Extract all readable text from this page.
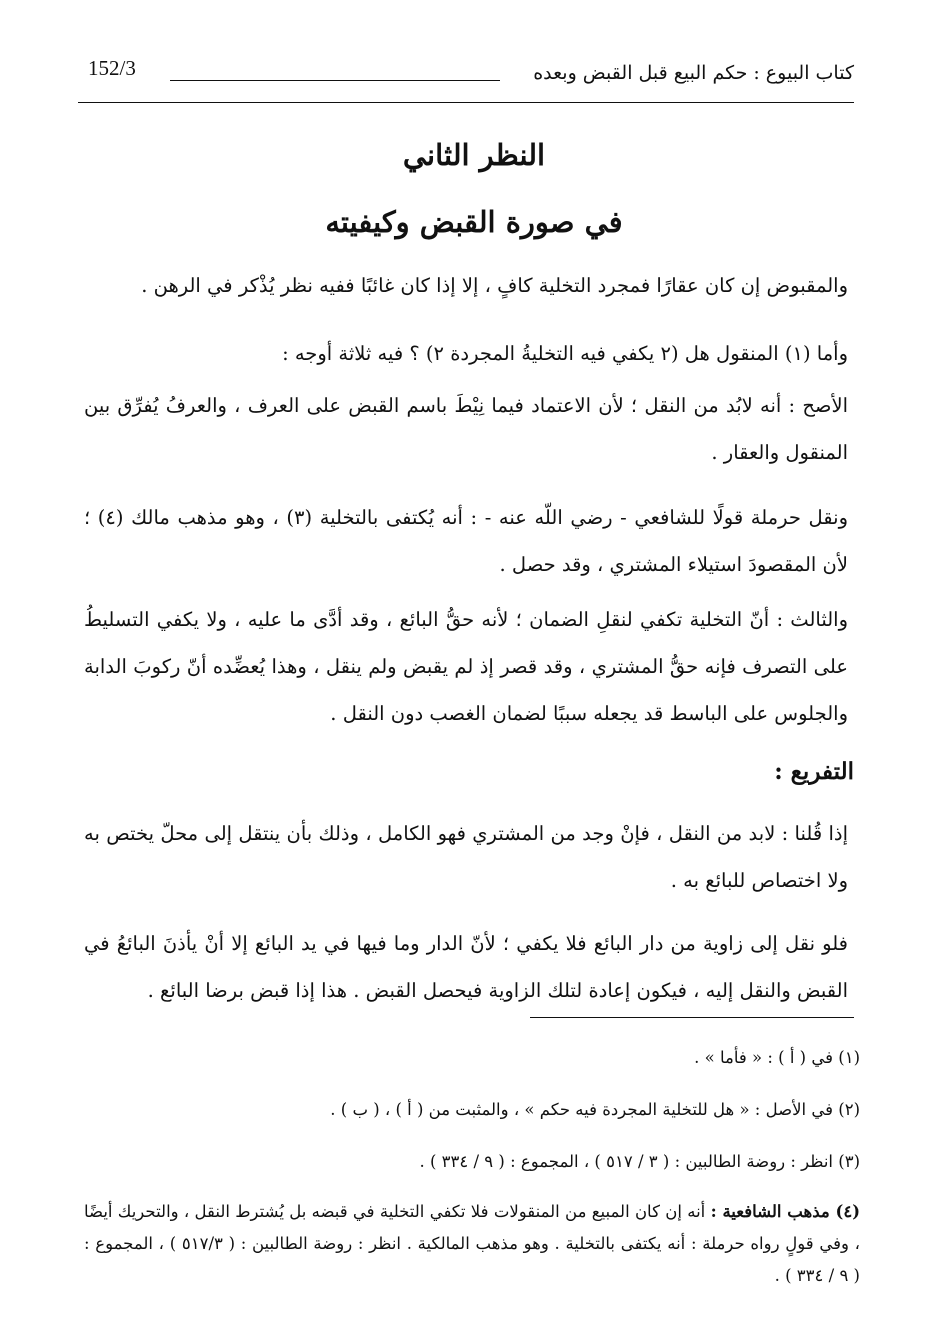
كتاب البيوع : حكم البيع قبل القبض وبعده
152/3
النظر الثاني
في صورة القبض وكيفيته
والمقبوض إن كان عقارًا فمجرد التخلية كافٍ ، إلا إذا كان غائبًا ففيه نظر يُذْكر في الرهن .
وأما (١) المنقول هل (٢ يكفي فيه التخليةُ المجردة ٢) ؟ فيه ثلاثة أوجه :
الأصح : أنه لابُد من النقل ؛ لأن الاعتماد فيما نِيْطَ باسم القبض على العرف ، والعرفُ يُفرِّق بين المنقول والعقار .
ونقل حرملة قولًا للشافعي - رضي اللّه عنه - : أنه يُكتفى بالتخلية (٣) ، وهو مذهب مالك (٤) ؛ لأن المقصودَ استيلاء المشتري ، وقد حصل .
والثالث : أنّ التخلية تكفي لنقلِ الضمان ؛ لأنه حقُّ البائع ، وقد أدَّى ما عليه ، ولا يكفي التسليطُ على التصرف فإنه حقُّ المشتري ، وقد قصر إذ لم يقبض ولم ينقل ، وهذا يُعضِّده أنّ ركوبَ الدابة والجلوس على الباسط قد يجعله سببًا لضمان الغصب دون النقل .
التفريع :
إذا قُلنا : لابد من النقل ، فإنْ وجد من المشتري فهو الكامل ، وذلك بأن ينتقل إلى محلّ يختص به ولا اختصاص للبائع به .
فلو نقل إلى زاوية من دار البائع فلا يكفي ؛ لأنّ الدار وما فيها في يد البائع إلا أنْ يأذنَ البائعُ في القبض والنقل إليه ، فيكون إعادة لتلك الزاوية فيحصل القبض . هذا إذا قبض برضا البائع .
(١) في ( أ ) : « فأما » .
(٢) في الأصل : « هل للتخلية المجردة فيه حكم » ، والمثبت من ( أ ) ، ( ب ) .
(٣) انظر : روضة الطالبين : ( ٣ / ٥١٧ ) ، المجموع : ( ٩ / ٣٣٤ ) .
(٤) مذهب الشافعية : أنه إن كان المبيع من المنقولات فلا تكفي التخلية في قبضه بل يُشترط النقل ، والتحريك أيضًا ، وفي قولٍ رواه حرملة : أنه يكتفى بالتخلية . وهو مذهب المالكية . انظر : روضة الطالبين : ( ٥١٧/٣ ) ، المجموع : ( ٩ / ٣٣٤ ) .
